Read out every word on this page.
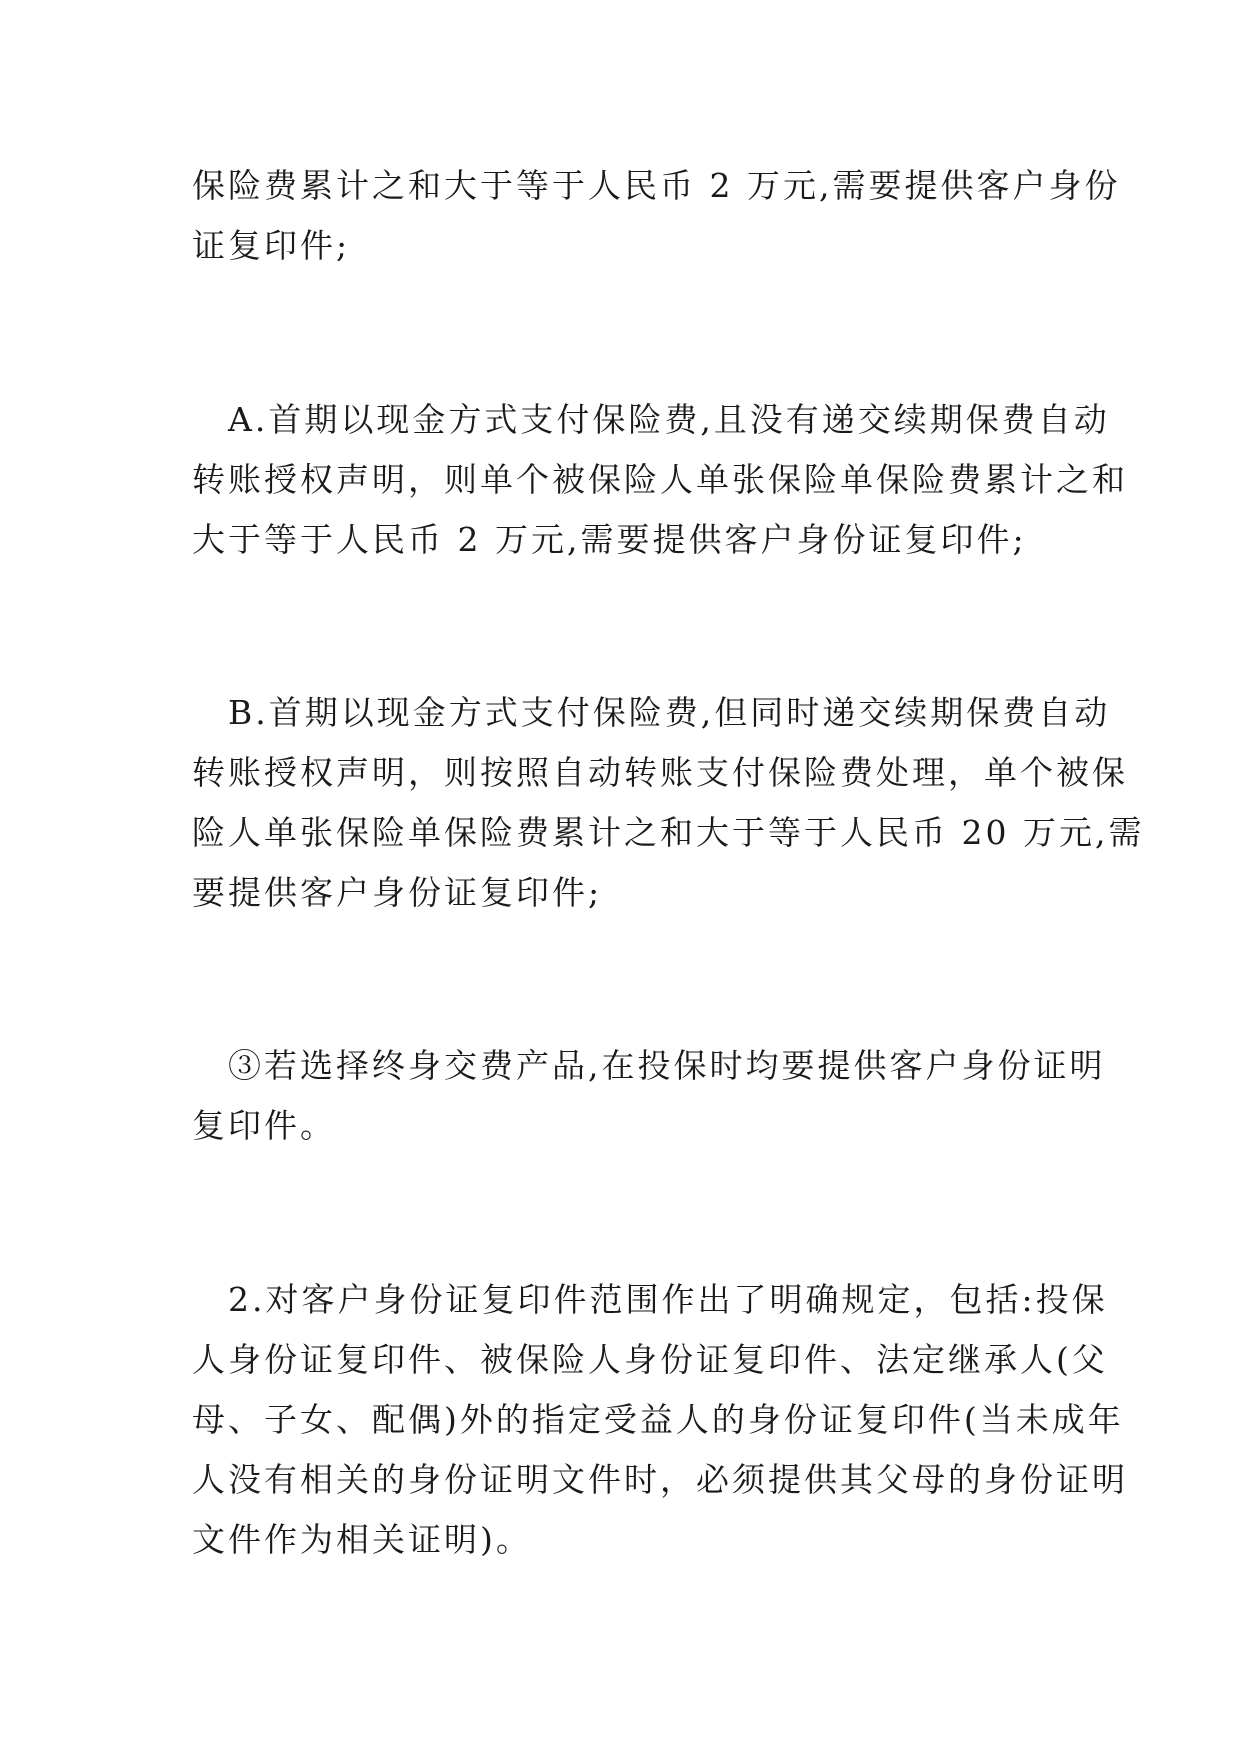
保险费累计之和大于等于人民币 2 万元,需要提供客户身份
证复印件;
A.首期以现金方式支付保险费,且没有递交续期保费自动
转账授权声明，则单个被保险人单张保险单保险费累计之和
大于等于人民币 2 万元,需要提供客户身份证复印件;
B.首期以现金方式支付保险费,但同时递交续期保费自动
转账授权声明，则按照自动转账支付保险费处理，单个被保
险人单张保险单保险费累计之和大于等于人民币 20 万元,需
要提供客户身份证复印件;
③若选择终身交费产品,在投保时均要提供客户身份证明
复印件。
2.对客户身份证复印件范围作出了明确规定，包括:投保
人身份证复印件、被保险人身份证复印件、法定继承人(父
母、子女、配偶)外的指定受益人的身份证复印件(当未成年
人没有相关的身份证明文件时，必须提供其父母的身份证明
文件作为相关证明)。
